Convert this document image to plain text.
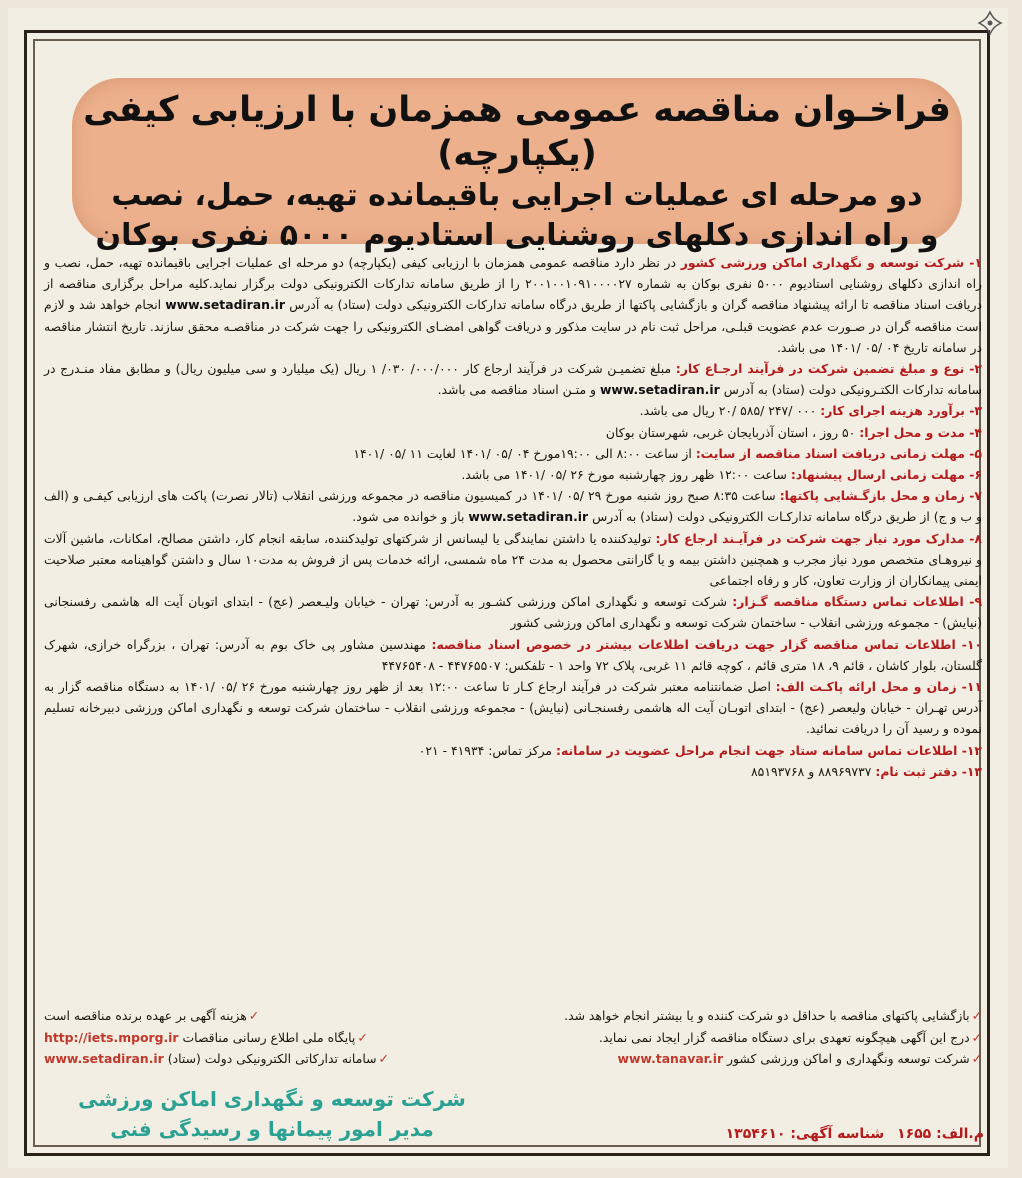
فراخـوان مناقصه عمومی همزمان با ارزیابی کیفی (یکپارچه)
دو مرحله ای عملیات اجرایی باقیمانده تهیه، حمل، نصب
و راه اندازی دکلهای روشنایی استادیوم ۵۰۰۰ نفری بوکان

۱- شرکت توسعه و نگهداری اماکن ورزشی کشور در نظر دارد مناقصه عمومی همزمان با ارزیابی کیفی (یکپارچه) دو مرحله ای عملیات اجرایی باقیمانده تهیه، حمل، نصب و راه اندازی دکلهای روشنایی استادیوم ۵۰۰۰ نفری بوکان به شماره ۲۰۰۱۰۰۱۰۹۱۰۰۰۰۲۷ را از طریق سامانه تدارکات الکترونیکی دولت برگزار نماید.کلیه مراحل برگزاری مناقصه از دریافت اسناد مناقصه تا ارائه پیشنهاد مناقصه گران و بازگشایی پاکتها از طریق درگاه سامانه تدارکات الکترونیکی دولت (ستاد) به آدرس www.setadiran.ir انجام خواهد شد و لازم است مناقصه گران در صـورت عدم عضویت قبلـی، مراحل ثبت نام در سایت مذکور و دریافت گواهی امضـای الکترونیکی را جهت شرکت در مناقصـه محقق سازند. تاریخ انتشار مناقصه در سامانه تاریخ ۰۴ /۰۵ /۱۴۰۱ می باشد.

۲- نوع و مبلغ تضمین شرکت در فرآیند ارجـاع کار: مبلغ تضمیـن شرکت در فرآیند ارجاع کار ۰۰۰/۰۰۰/ ۰۳۰/ ۱ ریال (یک میلیارد و سی میلیون ریال) و مطابق مفاد منـدرج در سامانه تدارکات الکتـرونیکی دولت (ستاد) به آدرس www.setadiran.ir و متـن اسناد مناقصه می باشد.

۳- برآورد هزینه اجرای کار: ۰۰۰ /۲۴۷ /۵۸۵ /۲۰ ریال می باشد.

۴- مدت و محل اجرا: ۵۰ روز ، استان آذربایجان غربی، شهرستان بوکان

۵- مهلت زمانی دریافت اسناد مناقصه از سایت: از ساعت ۸:۰۰ الی ۱۹:۰۰مورخ ۰۴ /۰۵ /۱۴۰۱ لغایت ۱۱ /۰۵ /۱۴۰۱

۶- مهلت زمانی ارسال پیشنهاد: ساعت ۱۲:۰۰ ظهر روز چهارشنبه مورخ ۲۶ /۰۵ /۱۴۰۱ می باشد.

۷- زمان و محل بازگـشایی پاکتها: ساعت ۸:۳۵ صبح روز شنبه مورخ ۲۹ /۰۵ /۱۴۰۱ در کمیسیون مناقصه در مجموعه ورزشی انقلاب (تالار نصرت) پاکت های ارزیابی کیفـی و (الف و ب و ج) از طریق درگاه سامانه تدارکـات الکترونیکی دولت (ستاد) به آدرس www.setadiran.ir باز و خوانده می شود.

۸- مدارک مورد نیاز جهت شرکت در فرآیـند ارجاع کار: تولیدکننده یا داشتن نمایندگی یا لیسانس از شرکتهای تولیدکننده، سابقه انجام کار، داشتن مصالح، امکانات، ماشین آلات و نیروهـای متخصص مورد نیاز مجرب و همچنین داشتن بیمه و یا گارانتی محصول به مدت ۲۴ ماه شمسی، ارائه خدمات پس از فروش به مدت۱۰ سال و داشتن گواهینامه معتبر صلاحیت ایمنی پیمانکاران از وزارت تعاون، کار و رفاه اجتماعی

۹- اطلاعات تماس دستگاه مناقصه گـزار: شرکت توسعه و نگهداری اماکن ورزشی کشـور به آدرس: تهران - خیابان ولیـعصر (عج) - ابتدای اتوبان آیت اله هاشمی رفسنجانی (نیایش) - مجموعه ورزشی انقلاب - ساختمان شرکت توسعه و نگهداری اماکن ورزشی کشور

۱۰- اطلاعات تماس مناقصه گزار جهت دریافت اطلاعات بیشتر در خصوص اسناد مناقصه: مهندسین مشاور پی خاک بوم به آدرس: تهران ، بزرگراه خرازی، شهرک گلستان، بلوار کاشان ، قائم ۹، ۱۸ متری قائم ، کوچه قائم ۱۱ غربی، پلاک ۷۲ واحد ۱ - تلفکس: ۴۴۷۶۵۵۰۷ - ۴۴۷۶۵۴۰۸

۱۱- زمان و محل ارائه پاکـت الف: اصل ضمانتنامه معتبر شرکت در فرآیند ارجاع کـار تا ساعت ۱۲:۰۰ بعد از ظهر روز چهارشنبه مورخ ۲۶ /۰۵ /۱۴۰۱ به دستگاه مناقصه گزار به آدرس تهـران - خیابان ولیعصر (عج) - ابتدای اتوبـان آیت اله هاشمی رفسنجـانی (نیایش) - مجموعه ورزشی انقلاب - ساختمان شرکت توسعه و نگهداری اماکن ورزشی دبیرخانه تسلیم نموده و رسید آن را دریافت نمائید.

۱۲- اطلاعات تماس سامانه ستاد جهت انجام مراحل عضویت در سامانه: مرکز تماس: ۴۱۹۳۴ - ۰۲۱

۱۳- دفتر ثبت نام: ۸۸۹۶۹۷۳۷ و ۸۵۱۹۳۷۶۸

✓بازگشایی پاکتهای مناقصه با حداقل دو شرکت کننده و یا بیشتر انجام خواهد شد.
✓هزینه آگهی بر عهده برنده مناقصه است
✓درج این آگهی هیچگونه تعهدی برای دستگاه مناقصه گزار ایجاد نمی نماید.
✓پایگاه ملی اطلاع رسانی مناقصات http://iets.mporg.ir
✓شرکت توسعه ونگهداری و اماکن ورزشی کشور www.tanavar.ir
✓سامانه تدارکاتی الکترونیکی دولت (ستاد) www.setadiran.ir
شرکت توسعه و نگهداری اماکن ورزشی
مدیر امور پیمانها و رسیدگی فنی	م.الف: ۱۶۵۵ شناسه آگهی: ۱۳۵۴۶۱۰
